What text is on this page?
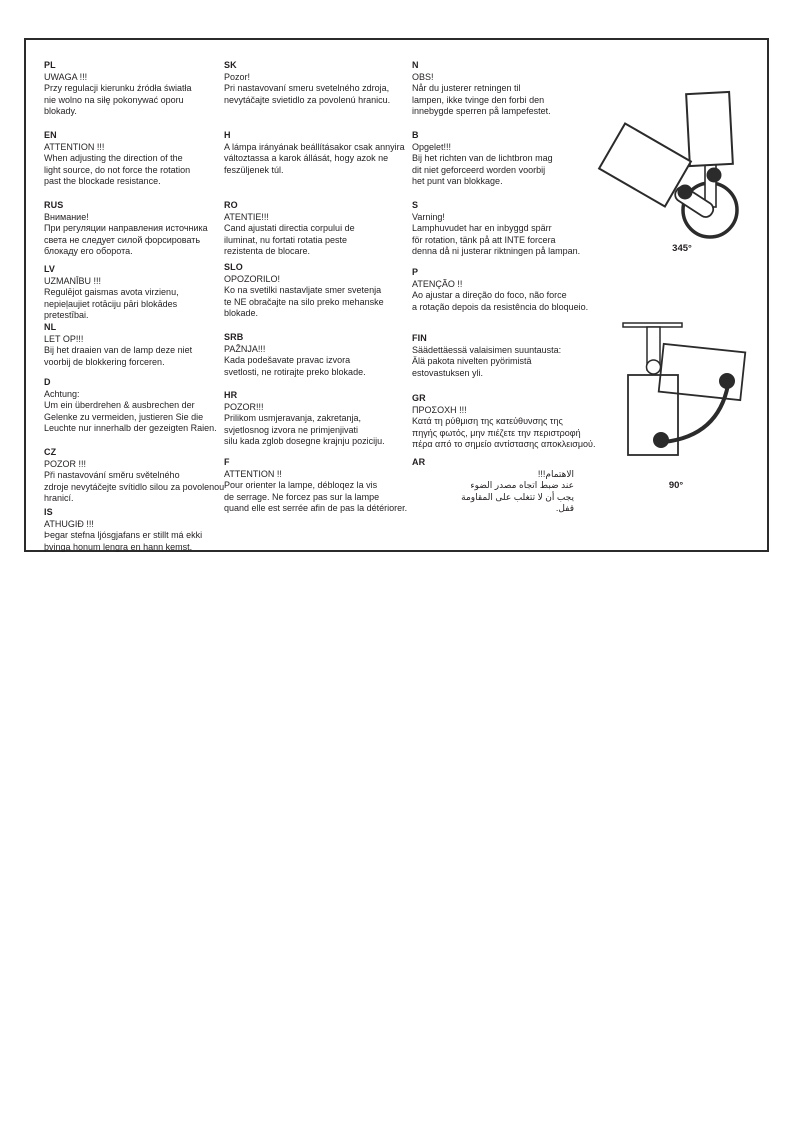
PL
UWAGA !!!
Przy regulacji kierunku źródła światła
nie wolno na siłę pokonywać oporu
blokady.
EN
ATTENTION !!!
When adjusting the direction of the
light source, do not force the rotation
past the blockade resistance.
RUS
Внимание!
При регуляции направления источника
света не следует силой форсировать
блокаду его оборота.
LV
UZMANĪBU !!!
Regulējot gaismas avota virzienu,
nepieļaujiet rotāciju pāri blokādes
pretestībai.
NL
LET OP!!!
Bij het draaien van de lamp deze niet
voorbij de blokkering forceren.
D
Achtung:
Um ein überdrehen & ausbrechen der
Gelenke zu vermeiden, justieren Sie die
Leuchte nur innerhalb der gezeigten Raien.
CZ
POZOR !!!
Při nastavování směru světelného
zdroje nevytáčejte svítidlo silou za povolenou
hranicí.
IS
ATHUGIÐ !!!
Þegar stefna ljósgjafans er stillt má ekki
þvinga honum lengra en hann kemst.
SK
Pozor!
Pri nastavovaní smeru svetelného zdroja,
nevytáčajte svietidlo za povolenú hranicu.
H
A lámpa irányának beállításakor csak annyira
változtassa a karok állását, hogy azok ne
feszüljenek túl.
RO
ATENTIE!!!
Cand ajustati directia corpului de
iluminat, nu fortati rotatia peste
rezistenta de blocare.
SLO
OPOZORILO!
Ko na svetilki nastavljate smer svetenja
te NE obračajte na silo preko mehanske
blokade.
SRB
PAŽNJA!!!
Kada podešavate pravac izvora
svetlosti, ne rotirajte preko blokade.
HR
POZOR!!!
Prilikom usmjeravanja, zakretanja,
svjetlosnog izvora ne primjenjivati
silu kada zglob dosegne krajnju poziciju.
F
ATTENTION !!
Pour orienter la lampe, débloqez la vis
de serrage. Ne forcez pas sur la lampe
quand elle est serrée afin de pas la détériorer.
N
OBS!
Når du justerer retningen til
lampen, ikke tvinge den forbi den
innebygde sperren på lampefestet.
B
Opgelet!!!
Bij het richten van de lichtbron mag
dit niet geforceerd worden voorbij
het punt van blokkage.
S
Varning!
Lamphuvudet har en inbyggd spärr
för rotation, tänk på att INTE forcera
denna då ni justerar riktningen på lampan.
P
ATENÇÃO !!
Ao ajustar a direção do foco, não force
a rotação depois da resistência do bloqueio.
FIN
Säädettäessä valaisimen suuntausta:
Älä pakota nivelten pyörimistä
estovastuksen yli.
GR
ΠΡΟΣΟΧΗ !!!
Κατά τη ρύθμιση της κατεύθυνσης της
πηγής φωτός, μην πιέζετε την περιστροφή
πέρα από το σημείο αντίστασης αποκλεισμού.
AR
الاهتمام!!!
عند ضبط اتجاه مصدر الضوء
يجب أن لا تتغلب على المقاومة
قفل.
345°
90°
